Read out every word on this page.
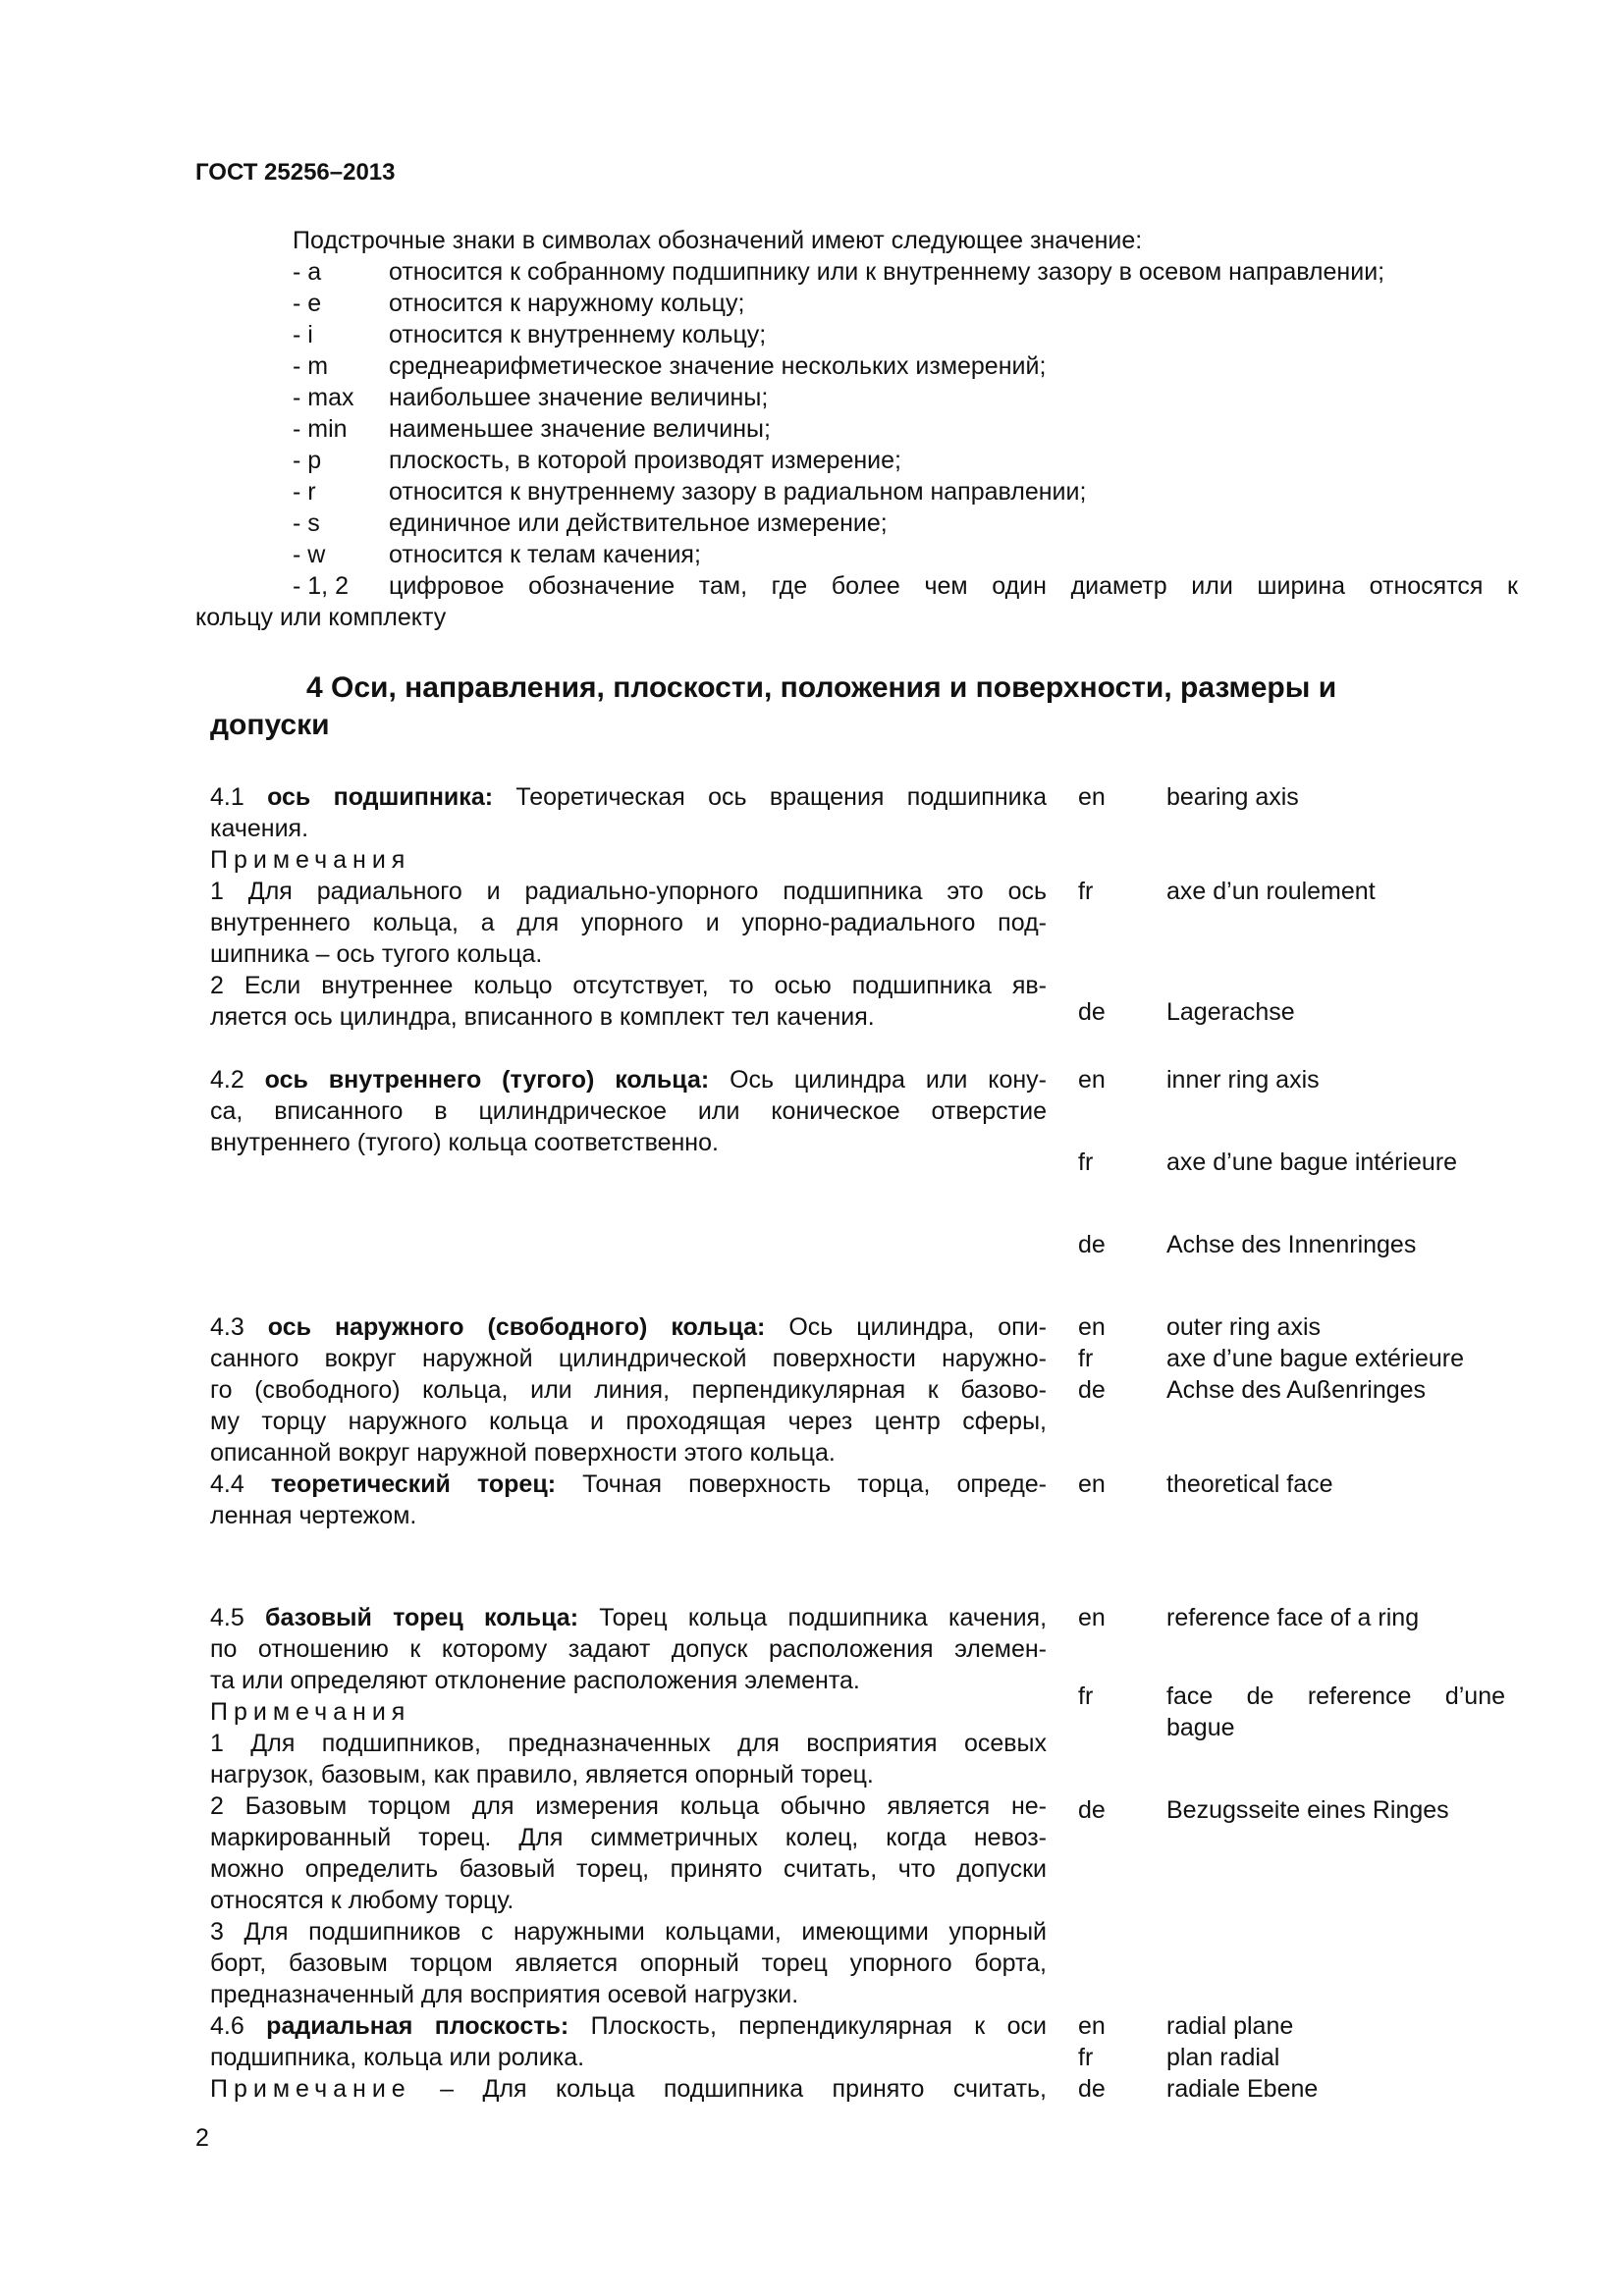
ГОСТ 25256–2013
Подстрочные знаки в символах обозначений имеют следующее значение:
- a	относится к собранному подшипнику или к внутреннему зазору в осевом направлении;
- e	относится к наружному кольцу;
- i	относится к внутреннему кольцу;
- m среднеарифметическое значение нескольких измерений;
- max наибольшее значение величины;
- min наименьшее значение величины;
- p	плоскость, в которой производят измерение;
- r	относится к внутреннему зазору в радиальном направлении;
- s	единичное или действительное измерение;
- w	относится к телам качения;
- 1, 2 цифровое обозначение там, где более чем один диаметр или ширина относятся к
кольцу или комплекту
4 Оси, направления, плоскости, положения и поверхности, размеры и
допуски
4.1 ось подшипника: Теоретическая ось вращения подшипника
качения.
Примечания
1 Для радиального и радиально-упорного подшипника это ось
внутреннего кольца, а для упорного и упорно-радиального под-
шипника – ось тугого кольца.
2 Если внутреннее кольцо отсутствует, то осью подшипника яв-
ляется ось цилиндра, вписанного в комплект тел качения.
en bearing axis
fr	axe d’un roulement
de Lagerachse
4.2 ось внутреннего (тугого) кольца: Ось цилиндра или кону-
са, вписанного в цилиндрическое или коническое отверстие
внутреннего (тугого) кольца соответственно.
en inner ring axis
fr	axe d’une bague intérieure
de Achse des Innenringes
4.3 ось наружного (свободного) кольца: Ось цилиндра, опи-
санного вокруг наружной цилиндрической поверхности наружно-
го (свободного) кольца, или линия, перпендикулярная к базово-
му торцу наружного кольца и проходящая через центр сферы,
описанной вокруг наружной поверхности этого кольца.
en outer ring axis
fr	axe d’une bague extérieure
de Achse des Außenringes
4.4 теоретический торец: Точная поверхность торца, опреде-
ленная чертежом.
en theoretical face
4.5 базовый торец кольца: Торец кольца подшипника качения,
по отношению к которому задают допуск расположения элемен-
та или определяют отклонение расположения элемента.
Примечания
1 Для подшипников, предназначенных для восприятия осевых
нагрузок, базовым, как правило, является опорный торец.
2 Базовым торцом для измерения кольца обычно является не-
маркированный торец. Для симметричных колец, когда невоз-
можно определить базовый торец, принято считать, что допуски
относятся к любому торцу.
3 Для подшипников с наружными кольцами, имеющими упорный
борт, базовым торцом является опорный торец упорного борта,
предназначенный для восприятия осевой нагрузки.
en reference face of a ring
fr	face de reference d’une
bague
de Bezugsseite eines Ringes
4.6 радиальная плоскость: Плоскость, перпендикулярная к оси
подшипника, кольца или ролика.
Примечание – Для кольца подшипника принято считать,
en radial plane
fr	plan radial
de radiale Ebene
2
